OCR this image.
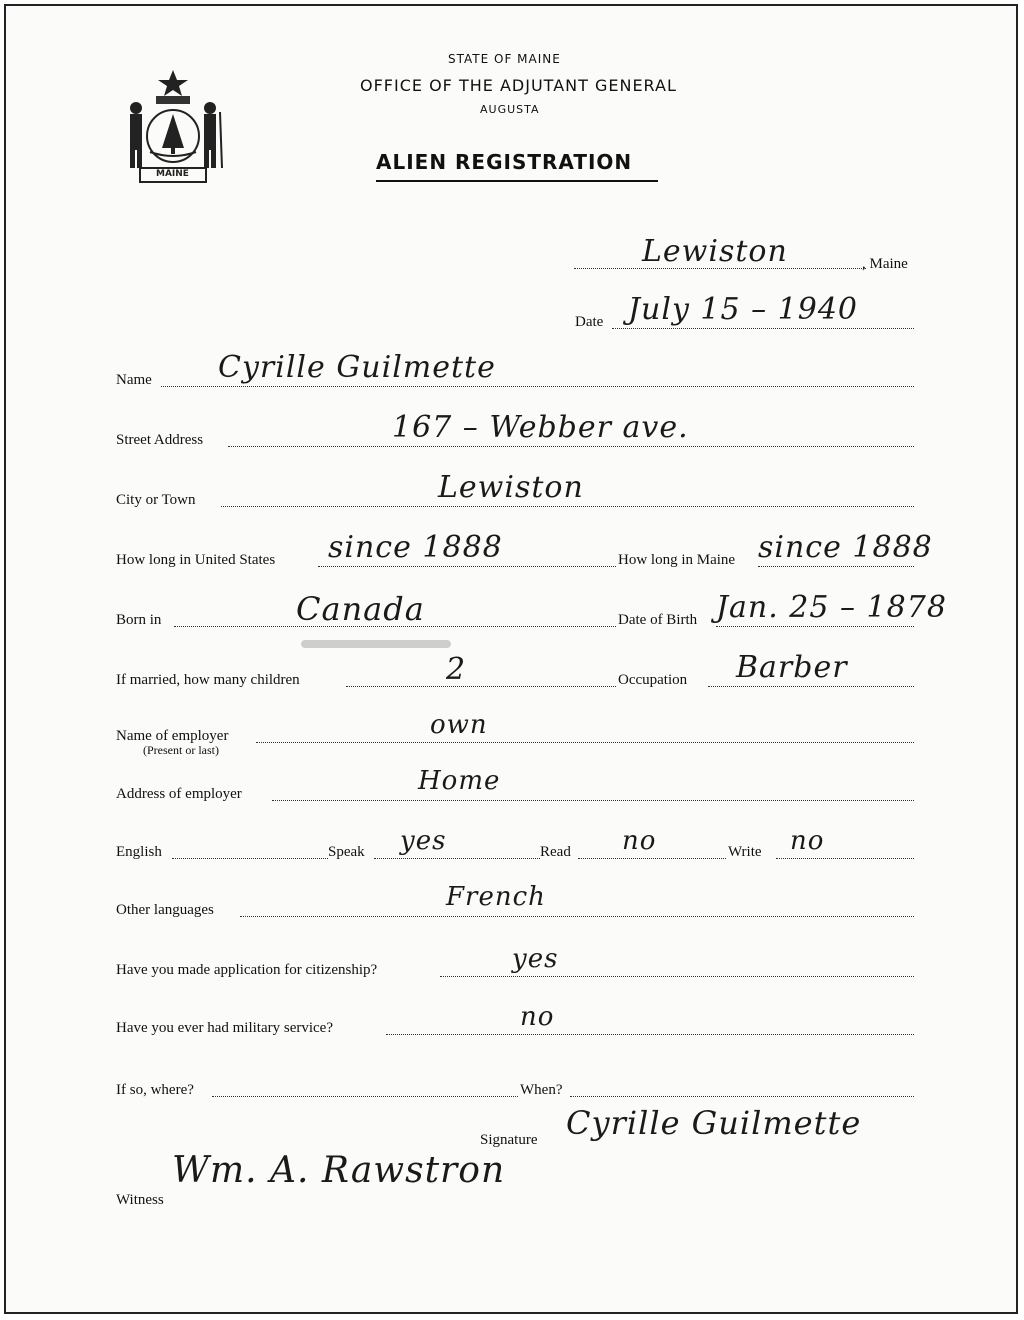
MAINE
STATE OF MAINE
OFFICE OF THE ADJUTANT GENERAL
AUGUSTA
ALIEN REGISTRATION
Lewiston	, Maine
Date July 15 – 1940
Name Cyrille Guilmette
Street Address	167 – Webber ave.
City or Town	Lewiston
How long in United States since 1888	How long in Maine since 1888
Born in	Canada	Date of Birth Jan. 25 – 1878
If married, how many children	2	Occupation Barber
Name of employer
(Present or last)
own
Address of employer	Home
English	Speak yes	Read no	Write no
Other languages	French
Have you made application for citizenship?	yes
Have you ever had military service?	no
If so, where?	When?
Signature Cyrille Guilmette
Witness
Wm. A. Rawstron
